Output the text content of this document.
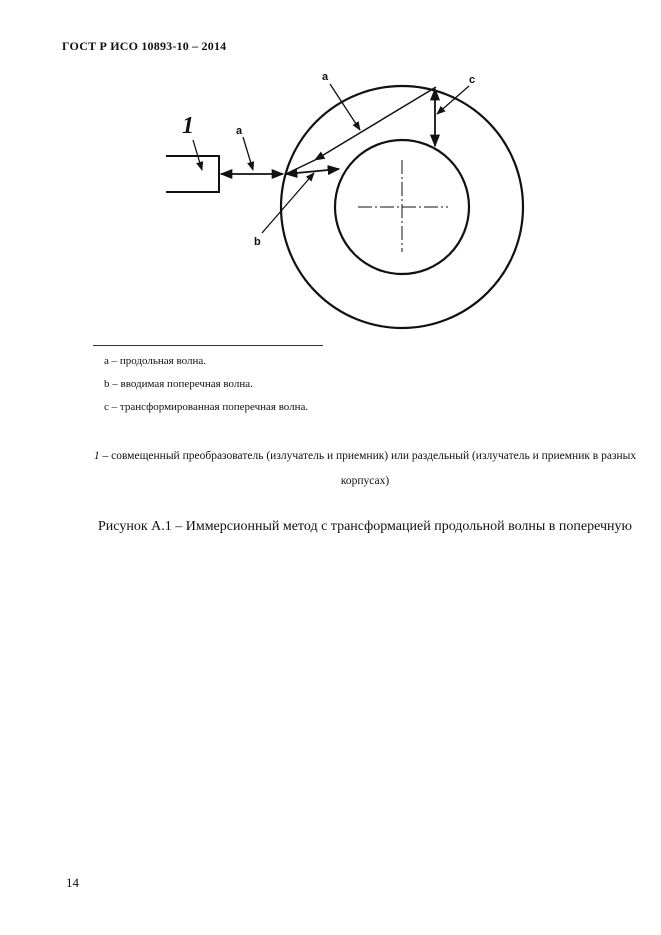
ГОСТ Р ИСО 10893-10 – 2014
a
a
b
c
1
a – продольная волна.
b – вводимая поперечная волна.
c – трансформированная поперечная волна.
1 – совмещенный преобразователь (излучатель и приемник) или раздельный (излучатель и приемник в разных корпусах)
Рисунок А.1 – Иммерсионный метод с трансформацией продольной волны в поперечную
14
